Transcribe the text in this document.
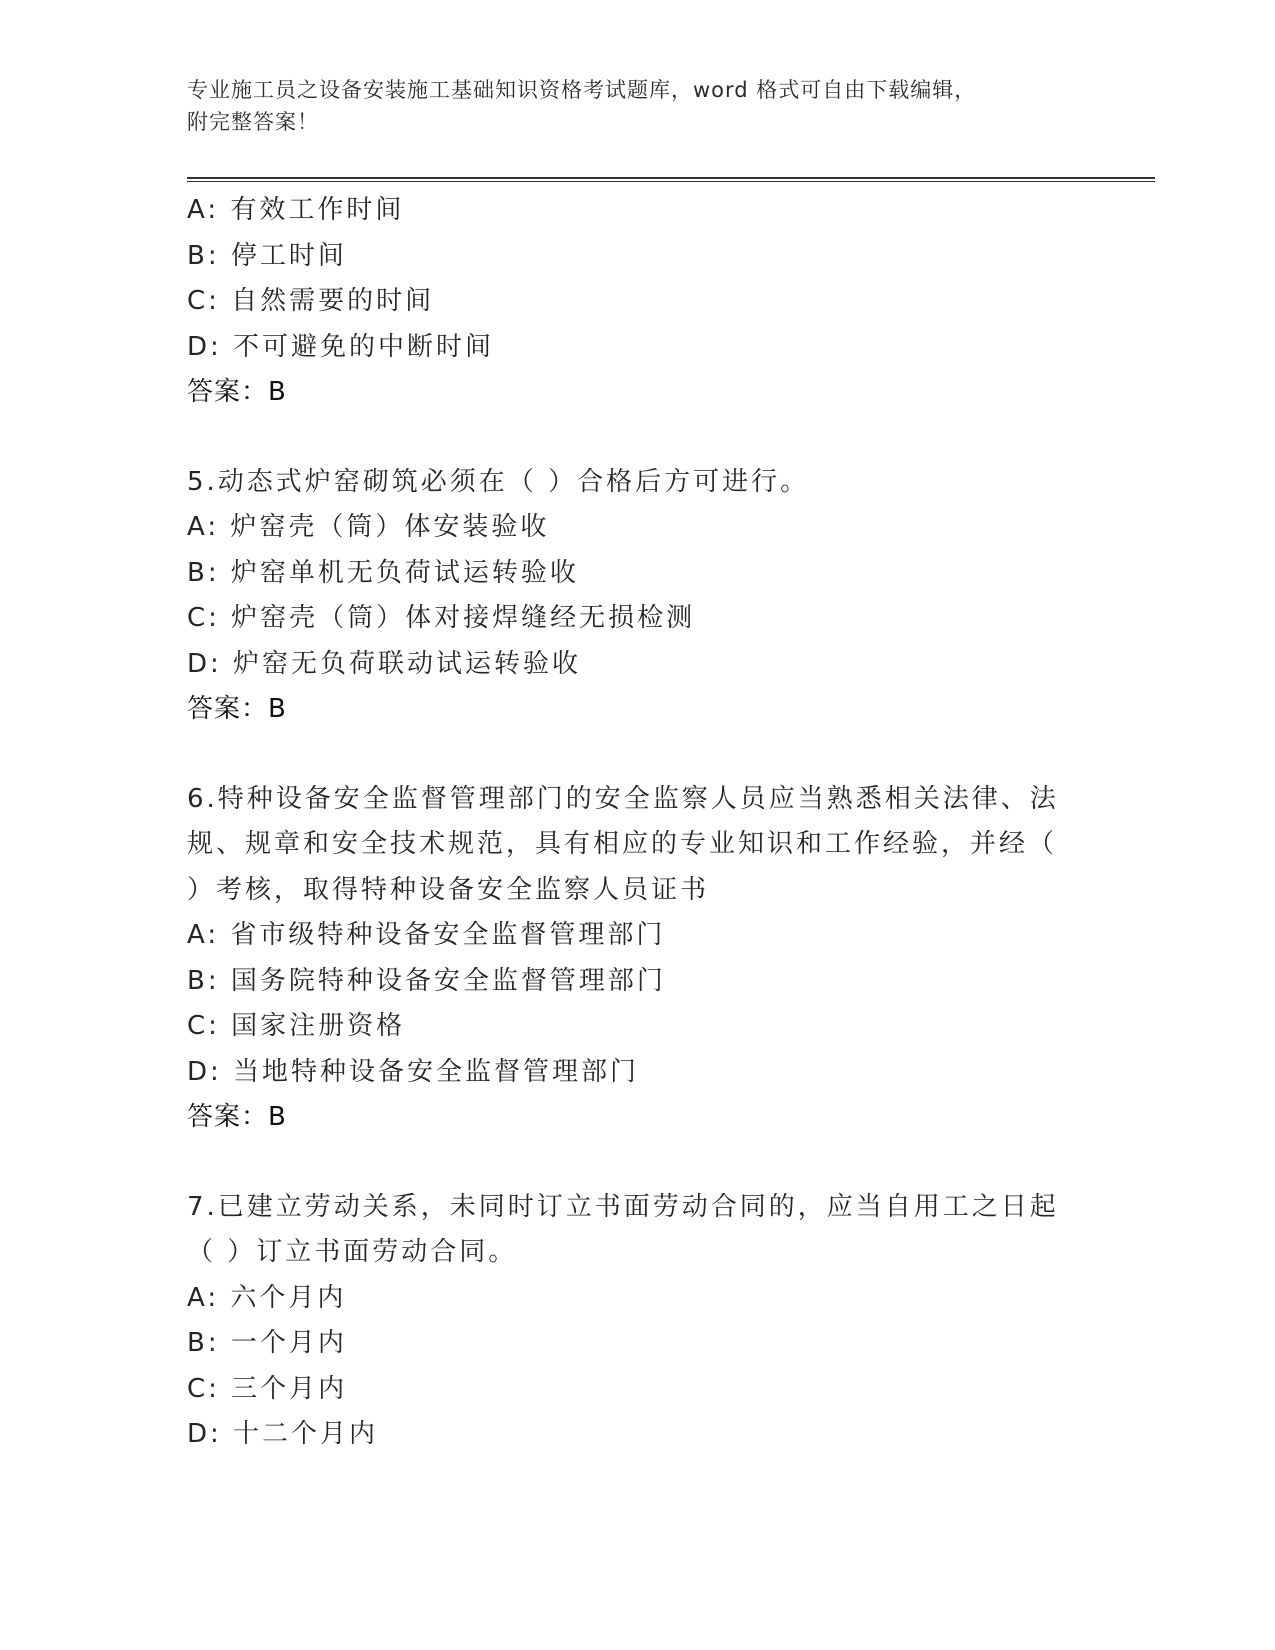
专业施工员之设备安装施工基础知识资格考试题库，word 格式可自由下载编辑，
附完整答案！
A: 有效工作时间
B: 停工时间
C: 自然需要的时间
D: 不可避免的中断时间
答案：B
5.动态式炉窑砌筑必须在（ ）合格后方可进行。
A: 炉窑壳（筒）体安装验收
B: 炉窑单机无负荷试运转验收
C: 炉窑壳（筒）体对接焊缝经无损检测
D: 炉窑无负荷联动试运转验收
答案：B
6.特种设备安全监督管理部门的安全监察人员应当熟悉相关法律、法
规、规章和安全技术规范，具有相应的专业知识和工作经验，并经（
）考核，取得特种设备安全监察人员证书
A: 省市级特种设备安全监督管理部门
B: 国务院特种设备安全监督管理部门
C: 国家注册资格
D: 当地特种设备安全监督管理部门
答案：B
7.已建立劳动关系，未同时订立书面劳动合同的，应当自用工之日起
（ ）订立书面劳动合同。
A: 六个月内
B: 一个月内
C: 三个月内
D: 十二个月内
